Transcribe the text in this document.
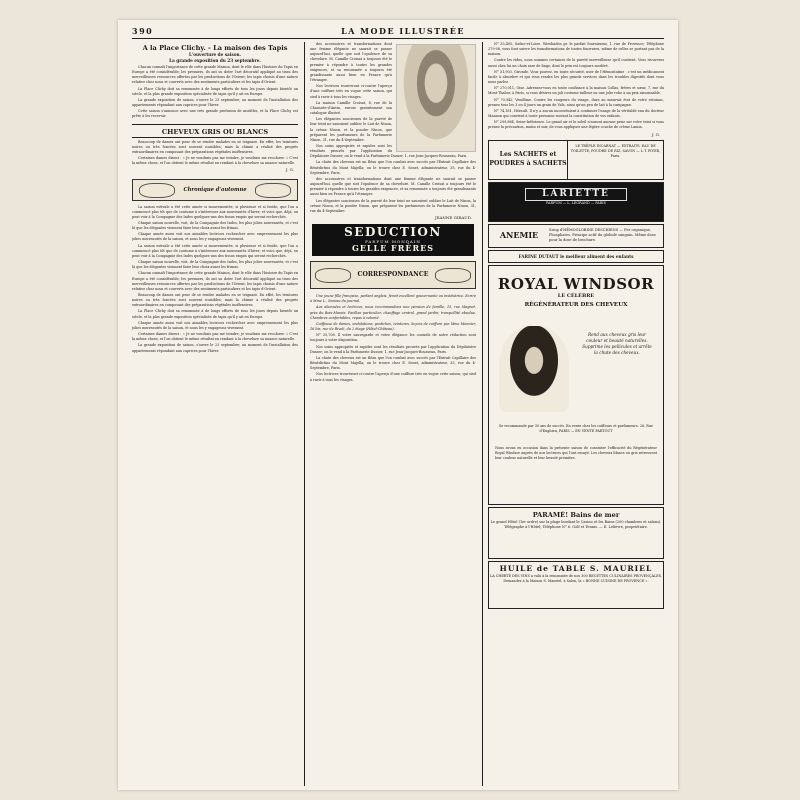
390	LA MODE ILLUSTRÉE
A la Place Clichy. - La maison des Tapis
L'ouverture de saison.
La grande exposition du 23 septembre.

Chacun connaît l'importance de cette grande Maison, dont le rôle dans l'histoire du Tapis en Europe a été considérable; les premiers, ils ont su doter l'art décoratif appliqué au tissu des merveilleuses ressources offertes par les productions de l'Orient; les tapis choisis d'une nature relative chez nous et couverts avec des sentiments particuliers et les tapis d'Orient.

La Place Clichy doit sa renommée à de longs efforts de tous les jours depuis bientôt un siècle, et la plus grande exposition spécialisée de tapis qu'il y ait en Europe.

La grande exposition de saison, s'ouvre le 23 septembre; au moment de l'installation des appartements répondant aux caprices pour l'hiver.

Cette saison s'annonce avec une très grande profusion de modèles, et la Place Clichy est prête à les recevoir.

CHEVEUX GRIS OU BLANCS

Beaucoup de dames ont peur de se rendre malades en se teignant. En effet, les teintures noires ou très foncées sont souvent nuisibles; mais la chimie a réalisé des progrès extraordinaires en composant des préparations végétales inoffensives.

Certaines dames disent : « Je ne voudrais pas me teindre, je voudrais me recolorer. » C'est la même chose, et l'on obtient le même résultat en rendant à la chevelure sa nuance naturelle.

J. G.
Chronique d'automne

La saison estivale a été cette année si mouvementée, si pluvieuse et si froide, que l'on a commencé plus tôt que de coutume à s'intéresser aux nouveautés d'hiver; et voici que, déjà, on peut voir à la Compagnie des Indes quelques-uns des tissus exquis qui seront recherchés.

Chaque saison nouvelle, voit, de la Compagnie des Indes, les plus jolies nouveautés, et c'est là que les élégantes viennent faire leur choix avant les frimas.

Chaque année aussi voit nos aimables lectrices rechercher avec empressement les plus jolies nouveautés de la saison, et nous les y engageons vivement.

La saison estivale a été cette année si mouvementée, si pluvieuse et si froide, que l'on a commencé plus tôt que de coutume à s'intéresser aux nouveautés d'hiver; et voici que, déjà, on peut voir à la Compagnie des Indes quelques-uns des tissus exquis qui seront recherchés.

Chaque saison nouvelle, voit, de la Compagnie des Indes, les plus jolies nouveautés, et c'est là que les élégantes viennent faire leur choix avant les frimas.

Chacun connaît l'importance de cette grande Maison, dont le rôle dans l'histoire du Tapis en Europe a été considérable; les premiers, ils ont su doter l'art décoratif appliqué au tissu des merveilleuses ressources offertes par les productions de l'Orient; les tapis choisis d'une nature relative chez nous et couverts avec des sentiments particuliers et les tapis d'Orient.

Beaucoup de dames ont peur de se rendre malades en se teignant. En effet, les teintures noires ou très foncées sont souvent nuisibles; mais la chimie a réalisé des progrès extraordinaires en composant des préparations végétales inoffensives.

La Place Clichy doit sa renommée à de longs efforts de tous les jours depuis bientôt un siècle, et la plus grande exposition spécialisée de tapis qu'il y ait en Europe.

Chaque année aussi voit nos aimables lectrices rechercher avec empressement les plus jolies nouveautés de la saison, et nous les y engageons vivement.

Certaines dames disent : « Je ne voudrais pas me teindre, je voudrais me recolorer. » C'est la même chose, et l'on obtient le même résultat en rendant à la chevelure sa nuance naturelle.

La grande exposition de saison, s'ouvre le 23 septembre; au moment de l'installation des appartements répondant aux caprices pour l'hiver.

des accessoires et transformations dont une femme élégante ne saurait se passer aujourd'hui, quelle que soit l'opulence de sa chevelure. M. Camille Croisat a toujours été le premier à répondre à toutes les grandes exigences, et sa renommée a toujours été grandissante aussi bien en France qu'à l'étranger.

Nos lectrices trouveront ci-contre l'aperçu d'une coiffure très en vogue cette saison, qui sied à ravir à tous les visages.

La maison Camille Croisat, 8, rue de la Chaussée-d'Antin, envoie gratuitement son catalogue illustré.

Les élégantes soucieuses de la pureté de leur teint ne sauraient oublier le Lait de Ninon, la crème Ninon, et la poudre Ninon, que préparent les parfumeurs de la Parfumerie Ninon, 31, rue du 4-Septembre.

Nos soins appropriés et rapides sont les résultats prouvés par l'application du Dépilatoire Dusser; on le vend à la Parfumerie Dusser, 1, rue Jean-Jacques-Rousseau, Paris.

La chute des cheveux est un fléau que l'on combat avec succès par l'Extrait Capillaire des Bénédictins du Mont Majella; on le trouve chez E. Senet, administrateur, 35, rue du 4-Septembre, Paris.

des accessoires et transformations dont une femme élégante ne saurait se passer aujourd'hui, quelle que soit l'opulence de sa chevelure. M. Camille Croisat a toujours été le premier à répondre à toutes les grandes exigences, et sa renommée a toujours été grandissante aussi bien en France qu'à l'étranger.

Les élégantes soucieuses de la pureté de leur teint ne sauraient oublier le Lait de Ninon, la crème Ninon, et la poudre Ninon, que préparent les parfumeurs de la Parfumerie Ninon, 31, rue du 4-Septembre.

JEANNE GIRAUD.
SEDUCTION
PARFUM MONDAIN
GELLE FRÈRES
CORRESPONDANCE

Une jeune fille française, parlant anglais, ferait excellent gouvernante ou institutrice. Ecrire à Mme L., bureau du journal.

Aux abonnées et lectrices, nous recommandons une pension de famille, 15, rue Magnet, près du Bois-Marais. Pavillon particulier, chauffage central, grand jardin; tranquillité absolue. Chambres confortables, repas à volonté.

Coiffeuse de dames, ondulations, postiches, teintures, leçons de coiffure par Mme Monnier, 16 bis, rue de Rivoli, du 2 étage (Hôtel-Château).

N° 35,708. Il votre sauvegarde et votre élégance les conseils de notre rédaction sont toujours à votre disposition.

Nos soins appropriés et rapides sont les résultats prouvés par l'application du Dépilatoire Dusser; on le vend à la Parfumerie Dusser, 1, rue Jean-Jacques-Rousseau, Paris.

La chute des cheveux est un fléau que l'on combat avec succès par l'Extrait Capillaire des Bénédictins du Mont Majella; on le trouve chez E. Senet, administrateur, 35, rue du 4-Septembre, Paris.

Nos lectrices trouveront ci-contre l'aperçu d'une coiffure très en vogue cette saison, qui sied à ravir à tous les visages.

N° 35,405, Saône-et-Loire. Wiesbaden gr. le parfait fournisseur, 1, rue de Provence; Téléphone 279-08, vous font suivre les transformations de toutes fourrures, même de celles se portant pas de la maison.

Contre les rides, nous sommes certaines de la pureté merveilleuse qu'il contient. Vous trouverez aussi chez lui un choix rare de linge, dont le prix est toujours modéré.

N° 31,903, Gironde. Vous pouvez, en toute sécurité, user de l'Hémostatine : c'est un médicament facile à absorber et qui vous rendra les plus grands services dans les troubles digestifs dont vous nous parlez.

N° 270,011, Oise. Adressez-vous en toute confiance à la maison Collas, frères et sœur, 7, rue du Mont-Thabor, à Paris, si vous désirez un joli costume tailleur ou une jolie robe à un prix raisonnable.

N° 70,942, Vendôme. Contre les rougeurs du visage, dues au mauvais état de votre estomac, prenez tous les 3 ou 4 jours un grain de Vals, ainsi qu'un peu de lait à la campagne.

N° 74,181, Hérault. Il n'y a aucun inconvénient à continuer l'usage de la véritable eau du docteur Mannon qui convient à toute personne suivant la constitution de vos enfants.

N° 299,884, Seine-Inférieure. Le grand air et le soleil n'auront aucune prise sur votre teint si vous prenez la précaution, matin et soir, de vous appliquer une légère couche de crème Lamia.

J. G.
Les SACHETS et POUDRES à SACHETS
LE TRÈFLE INCARNAT — EXTRAITS, EAU DE TOILETTE, POUDRE DE RIZ, SAVON — L.T. PIVER, Paris.
LARIETTE
PARFUM — L. LEGRAND — PARIS
ANEMIE	Sirop d'HÉMOGLOBINE DESCHIENS — Fer organique, Phosphates. Principe actif du globule sanguin. Même dose pour la dose de brochure.
FARINE DUTAUT le meilleur aliment des enfants
ROYAL WINDSOR
LE CÉLÈBRE
RÉGÉNÉRATEUR DES CHEVEUX
Rend aux cheveux gris leur couleur et beauté naturelles. Supprime les pellicules et arrête la chute des cheveux.
Se recommande par 30 ans de succès. En vente chez les coiffeurs et parfumeurs. 28, Rue d'Enghien, PARIS — EN VENTE PARTOUT
Nous avons eu occasion dans la présente saison de constater l'efficacité du Régénérateur Royal Windsor auprès de nos lectrices qui l'ont essayé. Les cheveux blancs ou gris retrouvent leur couleur naturelle et leur beauté première.
PARAMÉ! Bains de mer
Le grand Hôtel (1er ordre) sur la plage bordant le Casino et les Bains (200 chambres et salons). Télégraphe à l'Hôtel; Téléphone N° 6. Golf et Tennis. — E. Lelièvre, propriétaire.
HUILE de TABLE S. MAURIEL
LA CHERTÉ DES VINS a valu à la renommée de nos 300 RECETTES CULINAIRES PROVENÇALES. Demandez à la Maison S. Mauriel, à Salon, la « BONNE CUISINE DE PROVENCE ».
